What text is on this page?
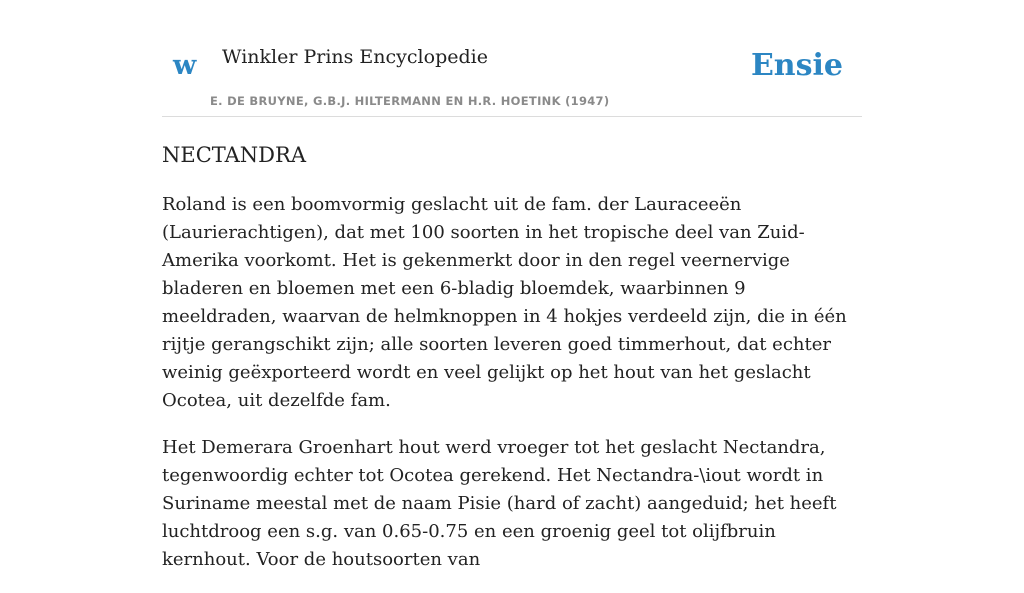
w Winkler Prins Encyclopedie
E. DE BRUYNE, G.B.J. HILTERMANN EN H.R. HOETINK (1947)
Ensie
NECTANDRA

Roland is een boomvormig geslacht uit de fam. der Lauraceeën (Laurierachtigen), dat met 100 soorten in het tropische deel van Zuid-Amerika voorkomt. Het is gekenmerkt door in den regel veernervige bladeren en bloemen met een 6-bladig bloemdek, waarbinnen 9 meeldraden, waarvan de helmknoppen in 4 hokjes verdeeld zijn, die in één rijtje gerangschikt zijn; alle soorten leveren goed timmerhout, dat echter weinig geëxporteerd wordt en veel gelijkt op het hout van het geslacht Ocotea, uit dezelfde fam.

Het Demerara Groenhart hout werd vroeger tot het geslacht Nectandra, tegenwoordig echter tot Ocotea gerekend. Het Nectandra-\iout wordt in Suriname meestal met de naam Pisie (hard of zacht) aangeduid; het heeft luchtdroog een s.g. van 0.65-0.75 en een groenig geel tot olijfbruin kernhout. Voor de houtsoorten van
